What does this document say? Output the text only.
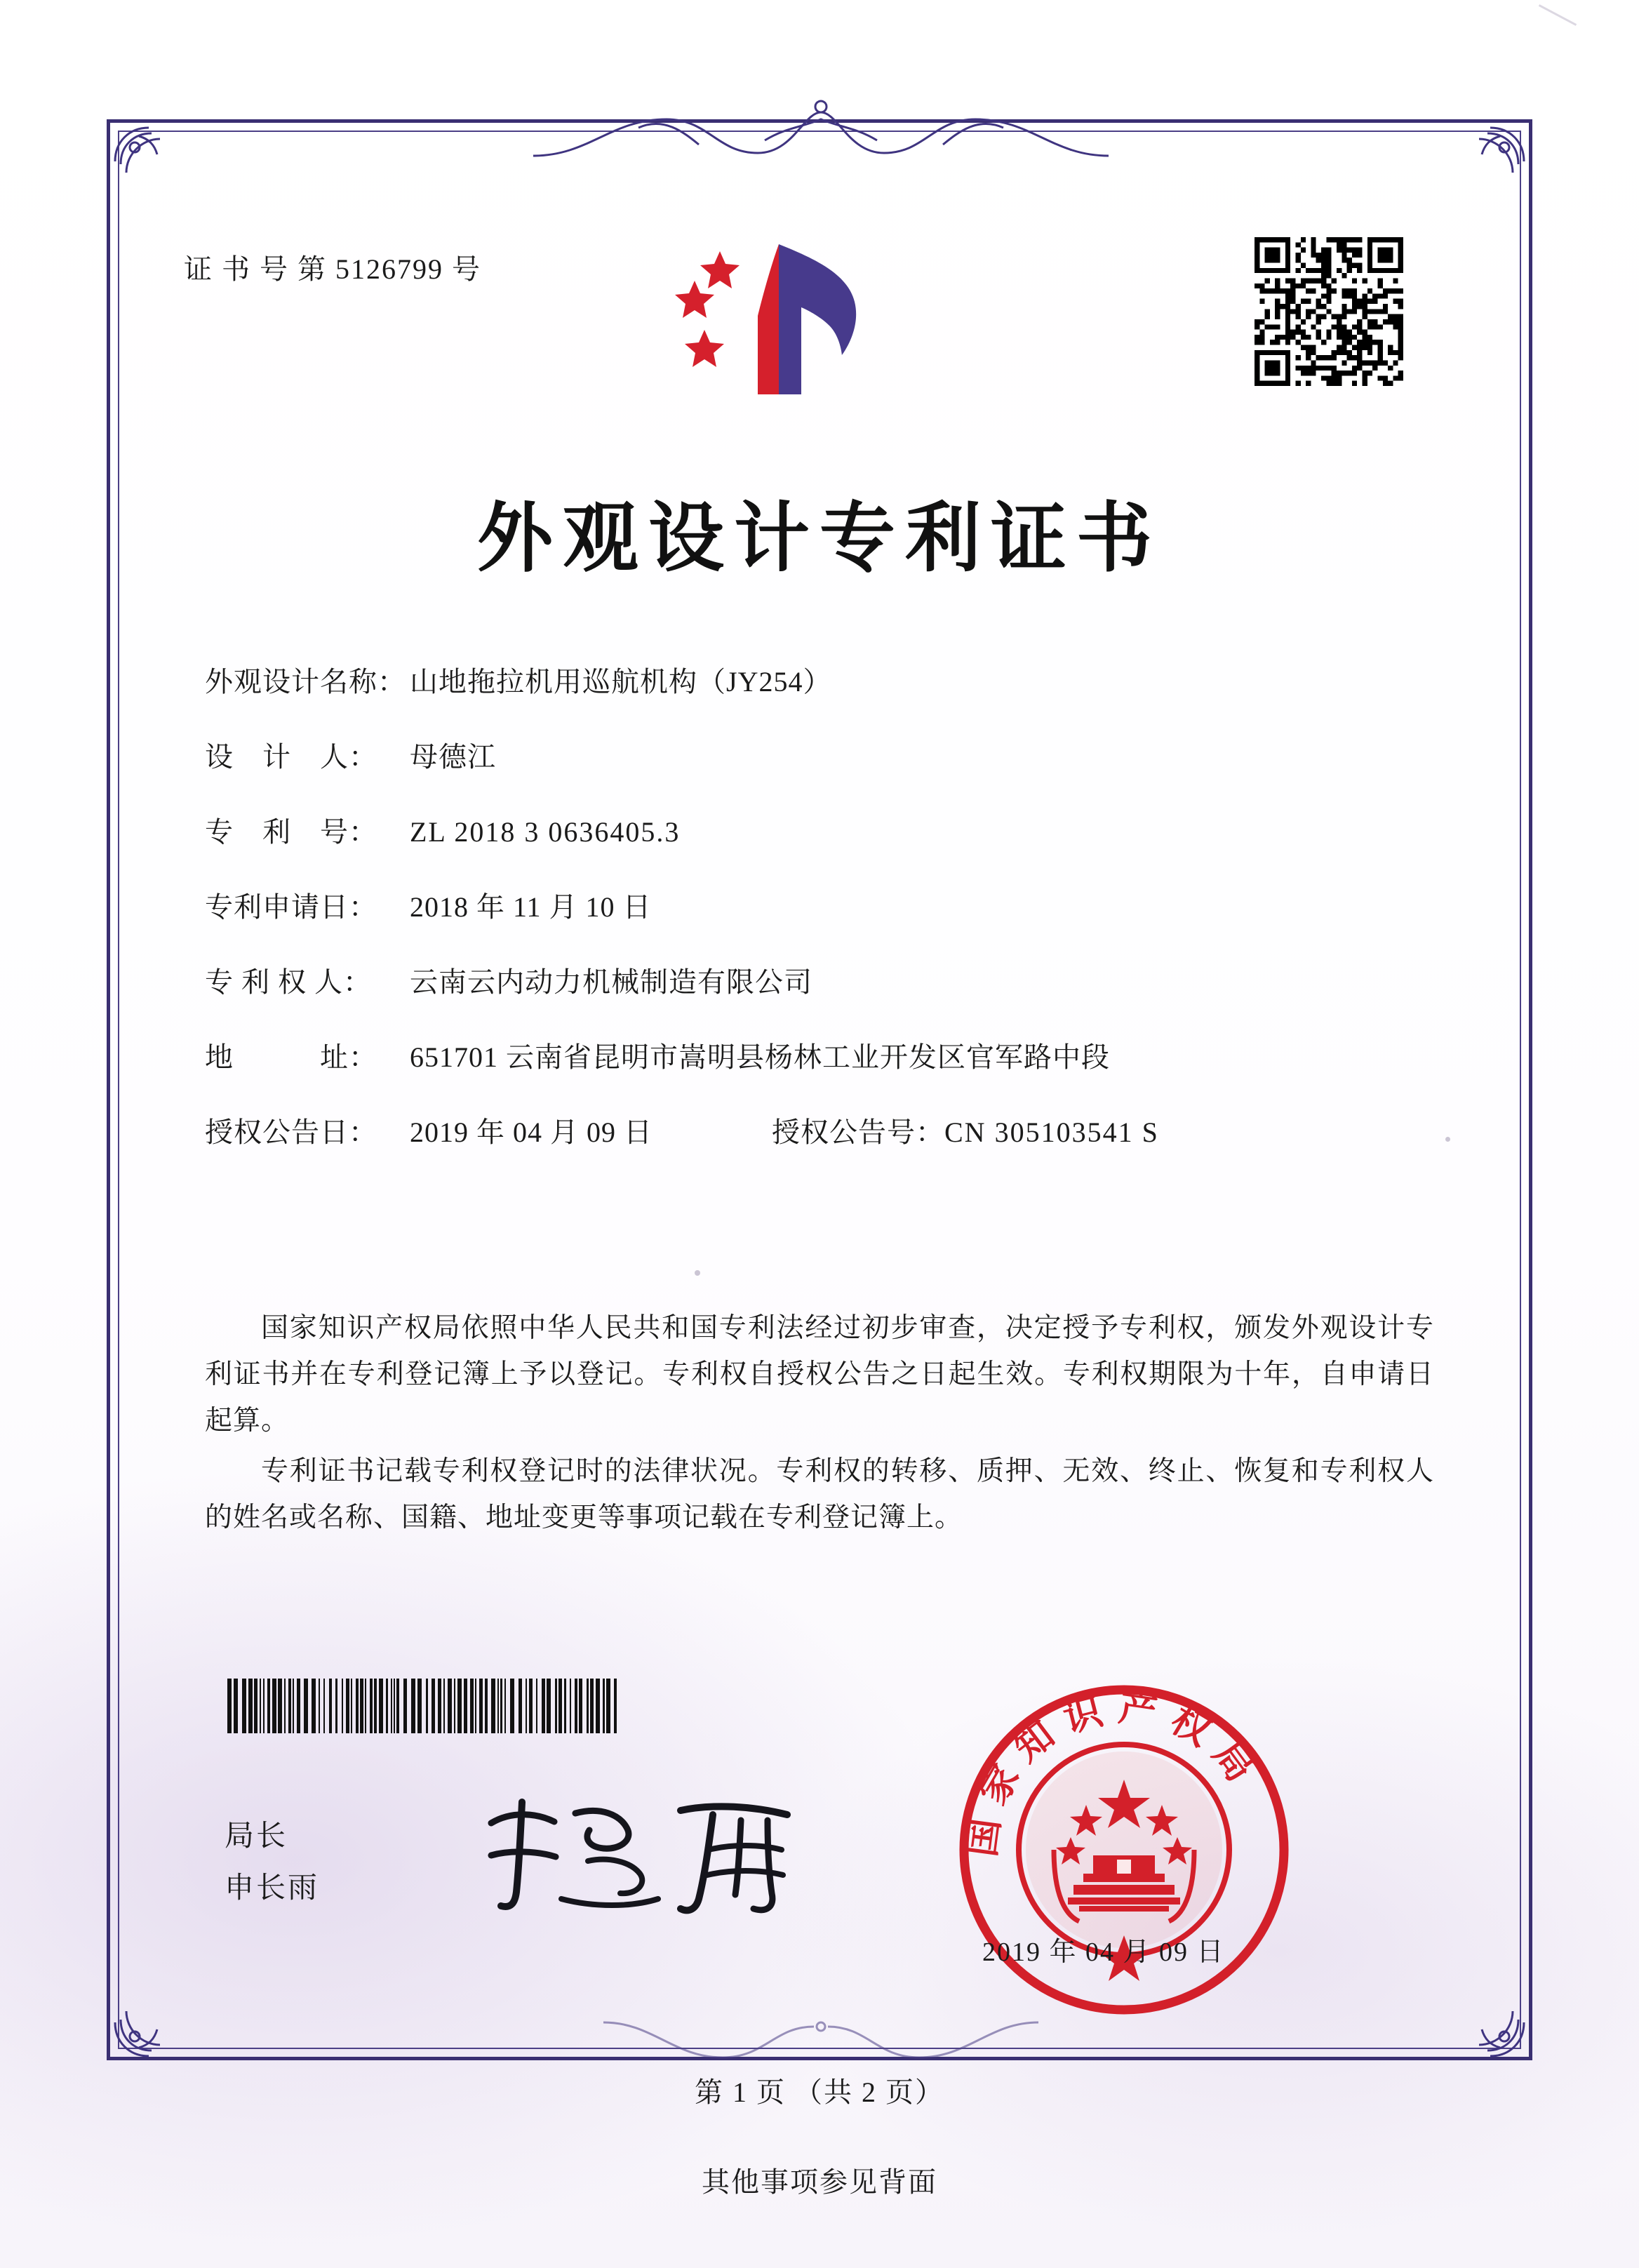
证 书 号 第 5126799 号
外观设计专利证书
外观设计名称： 山地拖拉机用巡航机构（JY254）
设　计　人：	母德江
专　利　号：	ZL 2018 3 0636405.3
专利申请日：	2018 年 11 月 10 日
专 利 权 人：	云南云内动力机械制造有限公司
地　　　址：	651701 云南省昆明市嵩明县杨林工业开发区官军路中段
授权公告日：	2019 年 04 月 09 日	授权公告号： CN 305103541 S

国家知识产权局依照中华人民共和国专利法经过初步审查，决定授予专利权，颁发外观设计专利证书并在专利登记簿上予以登记。专利权自授权公告之日起生效。专利权期限为十年，自申请日起算。

专利证书记载专利权登记时的法律状况。专利权的转移、质押、无效、终止、恢复和专利权人的姓名或名称、国籍、地址变更等事项记载在专利登记簿上。

局长
申长雨
国家知识产权局
2019 年 04 月 09 日
第 1 页 （共 2 页）
其他事项参见背面
